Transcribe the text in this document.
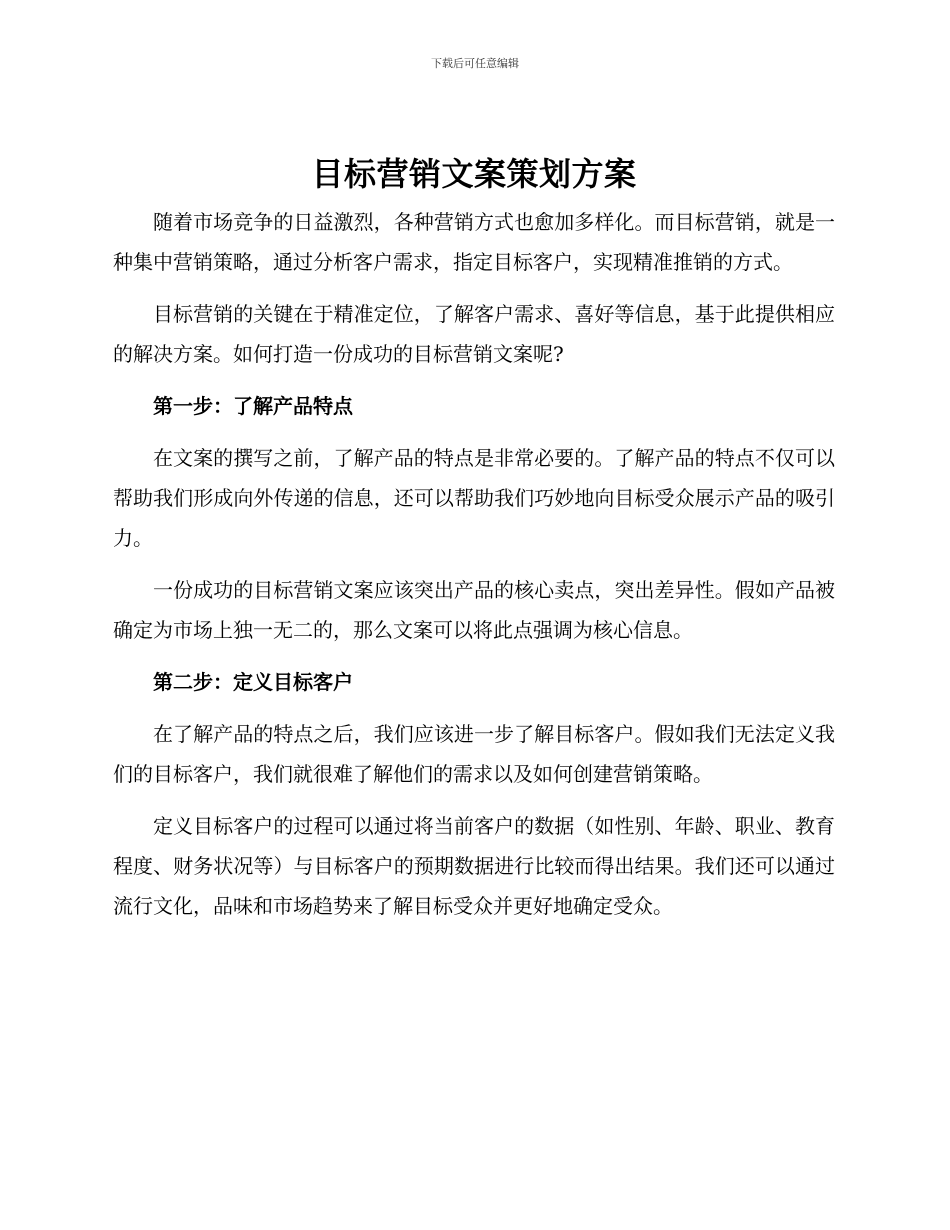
下载后可任意编辑
目标营销文案策划方案

随着市场竞争的日益激烈，各种营销方式也愈加多样化。而目标营销，就是一种集中营销策略，通过分析客户需求，指定目标客户，实现精准推销的方式。

目标营销的关键在于精准定位，了解客户需求、喜好等信息，基于此提供相应的解决方案。如何打造一份成功的目标营销文案呢?

第一步：了解产品特点

在文案的撰写之前，了解产品的特点是非常必要的。了解产品的特点不仅可以帮助我们形成向外传递的信息，还可以帮助我们巧妙地向目标受众展示产品的吸引力。

一份成功的目标营销文案应该突出产品的核心卖点，突出差异性。假如产品被确定为市场上独一无二的，那么文案可以将此点强调为核心信息。

第二步：定义目标客户

在了解产品的特点之后，我们应该进一步了解目标客户。假如我们无法定义我们的目标客户，我们就很难了解他们的需求以及如何创建营销策略。

定义目标客户的过程可以通过将当前客户的数据（如性别、年龄、职业、教育程度、财务状况等）与目标客户的预期数据进行比较而得出结果。我们还可以通过流行文化，品味和市场趋势来了解目标受众并更好地确定受众。
